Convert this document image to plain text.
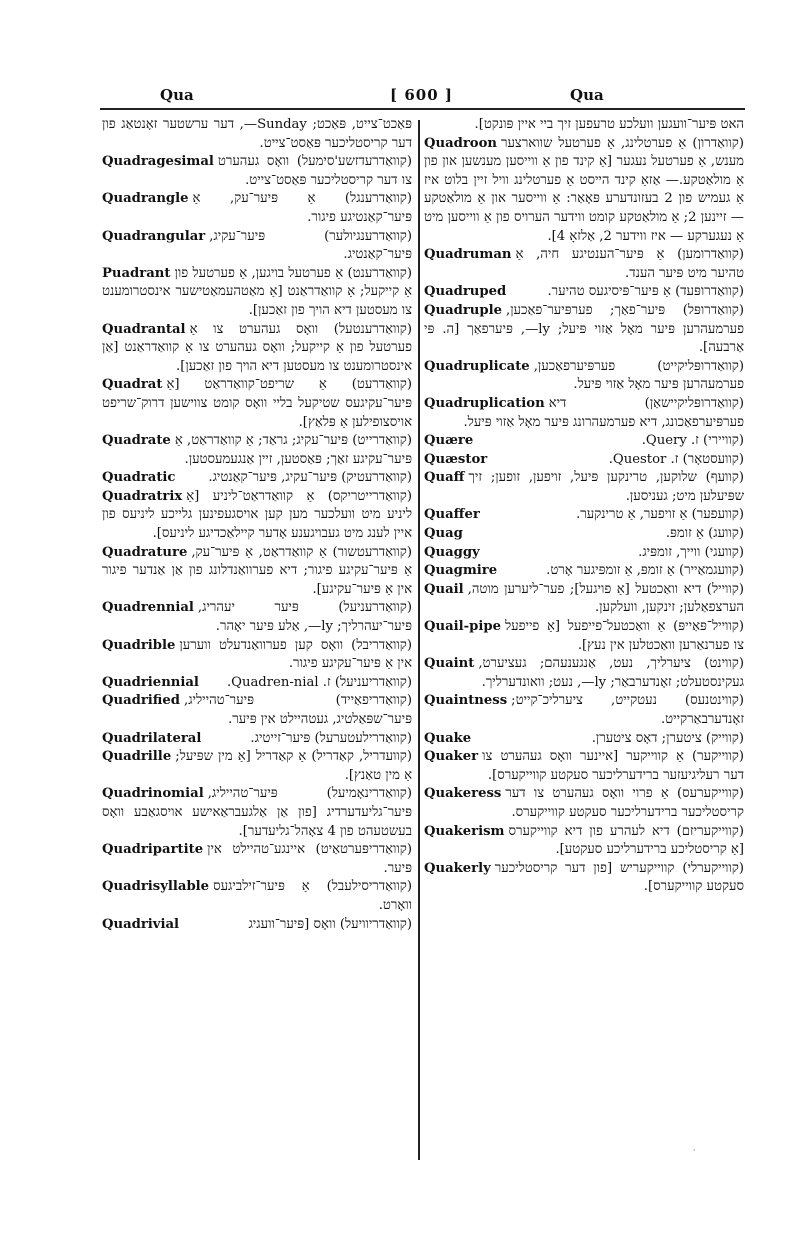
Qua	[ 600 ]	Qua

פּאַכט־צייט, פּאַכט; Sunday—, דער ערשטער זאָנטאַג פון דער קריסטליכער פּאַסט־צייט.

Quadragesimal (קוואַדרעדזשע'סימעל) וואָס געהערט צו דער קריסטליכער פּאַסט־צייט.

Quadrangle (קוואַדרענגל) אַ פּיער־עק, אַ פּיער־קאַנטיגע פיגור.

Quadrangular (קוואַדרענגיולער) פּיער־עקיג, פּיער־קאַנטיג.

Puadrant (קוואַדרענט) אַ פערטעל בויגען, אַ פערטעל פון אַ קייקעל; אַ קוואַדראַנט [אַ מאַטהעמאַטישער אינסטרומענט צו מעסטען דיא הויך פון זאַכען].

Quadrantal (קוואַדרענטעל) וואָס געהערט צו אַ פערטעל פון אַ קייקעל; וואָס געהערט צו אַ קוואַדראַנט [אַן אינסטרומענט צו מעסטען דיא הויך פון זאַכען].

Quadrat (קוואַדרעט) אַ שריפט־קוואַדראַט [אַ פּיער־עקיגעס שטיקעל בליי וואָס קומט צווישען דרוק־שריפט אויסצופילען אַ פּלאַץ].

Quadrate (קוואַדרייט) פּיער־עקיג; גראַד; אַ קוואַדראַט, אַ פּיער־עקיגע זאַך; פּאַסטען, זיין אַנגעמעסטען.

Quadratic (קוואַדרעטיק) פּיער־עקיג, פּיער־קאַנטיג.

Quadratrix (קוואַדרייטריקס) אַ קוואַדראַט־ליניע [אַ ליניע מיט וועלכער מען קען אויסגעפינען גלייכע ליניעס פון איין לענג מיט געבויגענע אָדער קיילאַכדיגע ליניעס].

Quadrature (קוואַדרעטשור) אַ קוואַדראַט, אַ פּיער־עק, אַ פּיער־עקיגע פיגור; דיא פערוואַנדלונג פון אַן אַנדער פיגור אין אַ פּיער־עקיגע].

Quadrennial (קוואַדרעניעל) פּיער יעהריג, פּיער־יעהרליך; ly—, אַלע פּיער יאָהר.

Quadrible (קוואַדריבל) וואָס קען פערוואַנדעלט ווערען אין אַ פּיער־עקיגע פיגור.

Quadriennial (קוואַדריעניעל) ז. Quadren-nial.

Quadrified (קוואַדריפאַייד) פּיער־טהייליג, פּיער־שפּאַלטיג, געטהיילט אין פּיער.

Quadrilateral	(קוואַדרילעטערעל) פּיער־זייטיג.

Quadrille (קוועדריל, קאַדריל) אַ קאַדריל [אַ מין שפּיעל; אַ מין טאַנץ].

Quadrinomial (קוואַדרינאָמיעל) פּיער־טהייליג, פּיער־גליעדערדיג [פון אַן אַלגעבראַאישע אויסגאַבע וואָס בעשטעהט פון 4 צאָהל־גליעדער].

Quadripartite (קוואַדריפּערטאַיט) איינגע־טהיילט אין פּיער.

Quadrisyllable (קוואַדריסילעבל) אַ פּיער־זילביגעס וואָרט.

Quadrivial	(קוואַדריוויעל) וואָס [פּיער־וועגיג

האט פּיער־וועגען וועלכע טרעפען זיך ביי איין פּונקט].

Quadroon (קוואַדרון) אַ פערטלינג, אַ פערטעל שווארצער מענש, אַ פערטעל נעגער [אַ קינד פון אַ ווייסען מענשען און פון אַ מולאַטקע.— אַזאַ קינד הייסט אַ פערטלינג וויל זיין בלוט איז אַ געמיש פון 2 בעזונדערע פּאָאַר: אַ ווייסער און אַ מולאַטקע — זיינען 2; אַ מולאַטקע קומט ווידער הערויס פון אַ ווייסען מיט אַ נעגערקע — איז ווידער 2, אַלזאָ 4].

Quadruman (קוואַדרומען) אַ פּיער־הענטיגע חיה, אַ טהיער מיט פּיער הענד.

Quadruped	(קוואַדרופּעד) אַ פּיער־פּיסיגעס טהיער.

Quadruple (קוואַדרופּל) פּיער־פאַך; פערפּיער־פאַכען, פערמעהרען פּיער מאָל אַזוי פּיעל; ly—, פּיערפאַך [ה. פּי אַרבעה].

Quadruplicate (קוואַדרופּליקייט) פערפּיערפאַכען, פערמעהרען פּיער מאָל אַזוי פּיעל.

Quadruplication (קוואַדרופּליקיישאַן) דיא פערפּיערפאַכונג, דיא פערמעהרונג פּיער מאָל אַזוי פּיעל.

Quære	(קוויירי) ז. Query.

Quæstor	(קוועסטאָר) ז. Questor.

Quaff (קוועף) שלוקען, טרינקען פּיעל, זויפען, זופען; זיך שפּיעלען מיט; געניסען.

Quaffer	(קוועפער) אַ זויפער, אַ טרינקער.

Quag	(קוועג) אַ זומפּ.

Quaggy	(קוועגי) ווייך, זומפּיג.

Quagmire	(קוועגמאַייר) אַ זומפּ, אַ זומפּיגער אָרט.

Quail (קווייל) דיא וואַכטעל [אַ פויגעל]; פער־ליערען מוטה, הערצפאַלען; זינקען, וועלקען.

Quail-pipe (קווייל־פּאַייפּ) אַ וואַכטעל־פייפעל [אַ פייפעל צו פערנאַרען וואַכטלען אין נעץ].

Quaint (קווינט) ציערליך, נעט, אַנגענעהם; געציערט, געקינסטעלט; זאָנדערבאַר; ly—, נעט; וואונדערליך.

Quaintness (קווינטנעס) נעטקייט, ציערליכ־קייט; זאָנדערבאַרקייט.

Quake	(קווייק) ציטערן; דאָס ציטערן.

Quaker (קווייקער) אַ קווייקער [איינער וואָס געהערט צו דער רעליגיעזער ברידערליכער סעקטע קווייקערס].

Quakeress (קווייקערעס) אַ פרוי וואָס געהערט צו דער קריסטליכער ברידערליכער סעקטע קווייקערס.

Quakerism (קווייקעריזם) דיא לעהרע פון דיא קווייקערס [אַ קריסטליכע ברידערליכע סעקטע].

Quakerly (קווייקערלי) קווייקעריש [פון דער קריסטליכער סעקטע קווייקערס].

·
